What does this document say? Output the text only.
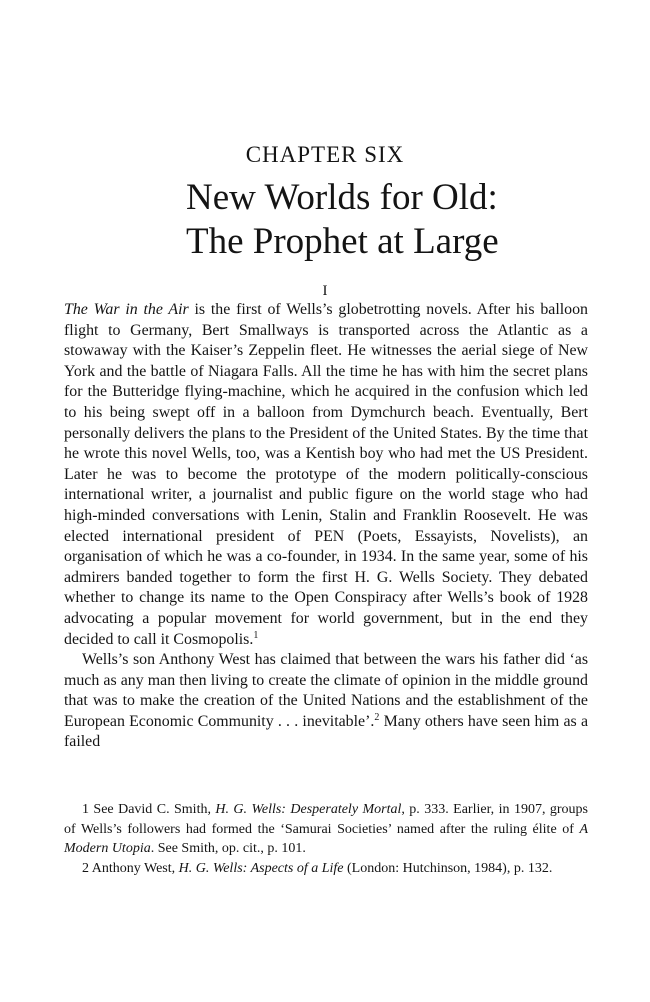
CHAPTER SIX
New Worlds for Old:
The Prophet at Large
I

The War in the Air is the first of Wells’s globetrotting novels. After his balloon flight to Germany, Bert Smallways is transported across the Atlantic as a stowaway with the Kaiser’s Zeppelin fleet. He witnesses the aerial siege of New York and the battle of Niagara Falls. All the time he has with him the secret plans for the Butteridge flying-machine, which he acquired in the confusion which led to his being swept off in a balloon from Dymchurch beach. Eventually, Bert personally delivers the plans to the President of the United States. By the time that he wrote this novel Wells, too, was a Kentish boy who had met the US President. Later he was to become the prototype of the modern politically-conscious international writer, a journalist and public figure on the world stage who had high-minded conversations with Lenin, Stalin and Franklin Roosevelt. He was elected international president of PEN (Poets, Essayists, Novelists), an organisation of which he was a co-founder, in 1934. In the same year, some of his admirers banded together to form the first H. G. Wells Society. They debated whether to change its name to the Open Conspiracy after Wells’s book of 1928 advocating a popular movement for world government, but in the end they decided to call it Cosmopolis.$^1$

Wells’s son Anthony West has claimed that between the wars his father did ‘as much as any man then living to create the climate of opinion in the middle ground that was to make the creation of the United Nations and the establishment of the European Economic Community . . . inevitable’.$^2$ Many others have seen him as a failed

1 See David C. Smith, H. G. Wells: Desperately Mortal, p. 333. Earlier, in 1907, groups of Wells’s followers had formed the ‘Samurai Societies’ named after the ruling élite of A Modern Utopia. See Smith, op. cit., p. 101.

2 Anthony West, H. G. Wells: Aspects of a Life (London: Hutchinson, 1984), p. 132.
